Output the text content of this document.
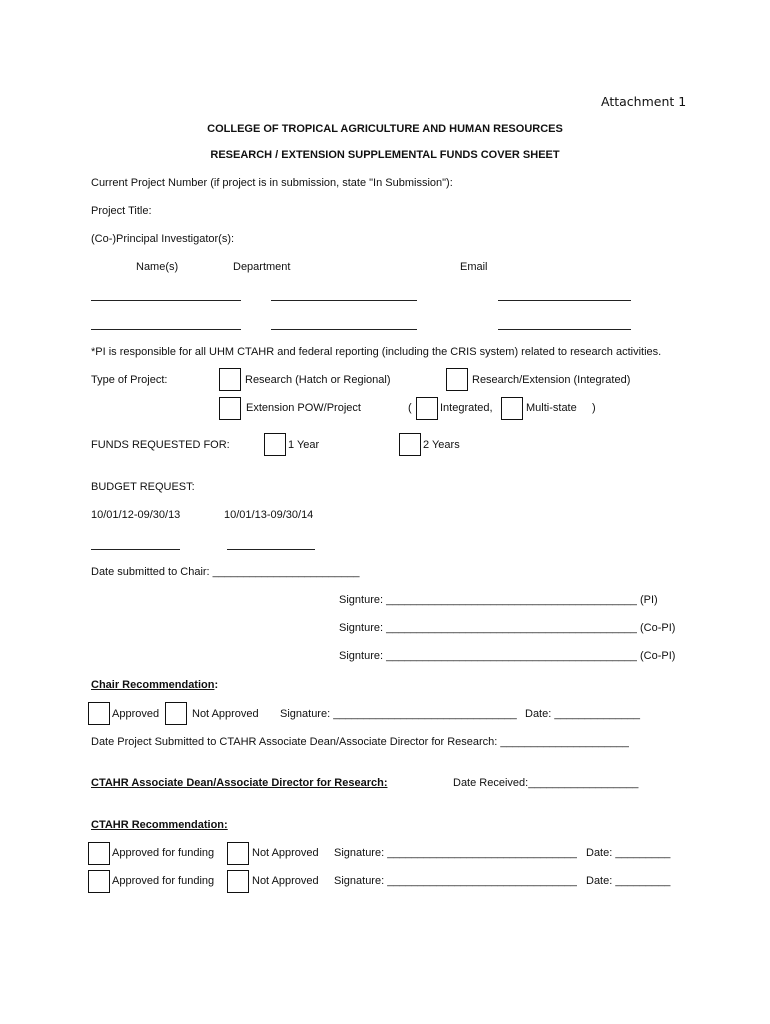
Attachment 1
COLLEGE OF TROPICAL AGRICULTURE AND HUMAN RESOURCES
RESEARCH / EXTENSION SUPPLEMENTAL FUNDS COVER SHEET
Current Project Number (if project is in submission, state "In Submission"):
Project Title:
(Co-)Principal Investigator(s):
Name(s)	Department	Email
*PI is responsible for all UHM CTAHR and federal reporting (including the CRIS system) related to research activities.
Type of Project:	Research (Hatch or Regional)	Research/Extension (Integrated)
Extension POW/Project	(	Integrated,	Multi-state )
FUNDS REQUESTED FOR:	1 Year	2 Years
BUDGET REQUEST:
10/01/12-09/30/13	10/01/13-09/30/14
Date submitted to Chair: ________________________
Signture: _________________________________________ (PI)
Signture: _________________________________________ (Co-PI)
Signture: _________________________________________ (Co-PI)
Chair Recommendation:
Approved	Not Approved Signature: ______________________________ Date: ______________
Date Project Submitted to CTAHR Associate Dean/Associate Director for Research: _____________________
CTAHR Associate Dean/Associate Director for Research:	Date Received:__________________
CTAHR Recommendation:
Approved for funding	Not Approved Signature: _______________________________ Date: _________
Approved for funding	Not Approved Signature: _______________________________ Date: _________
